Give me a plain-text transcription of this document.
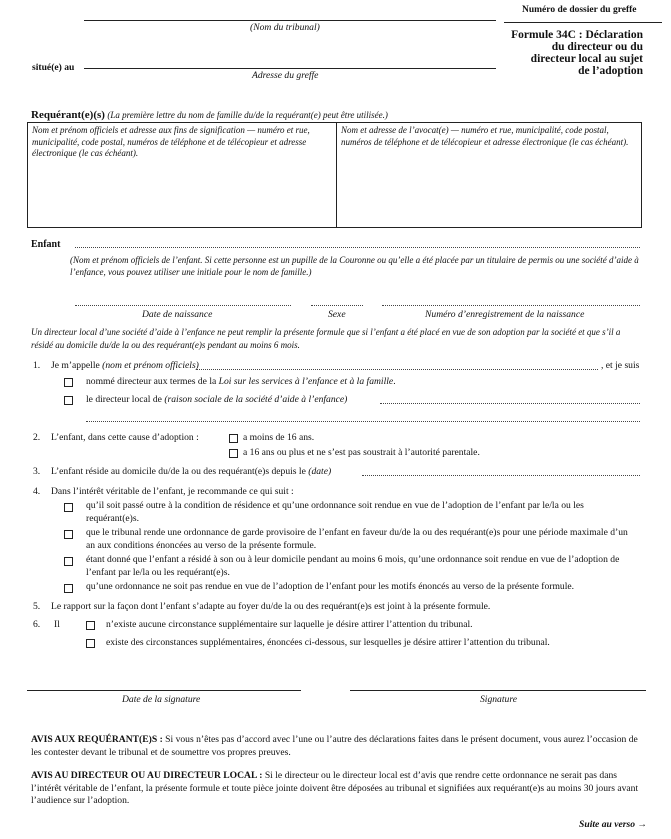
(Nom du tribunal)
Numéro de dossier du greffe
situé(e) au
Adresse du greffe
Formule 34C : Déclaration
du directeur ou du
directeur local au sujet
de l’adoption
Requérant(e)(s) (La première lettre du nom de famille du/de la requérant(e) peut être utilisée.)
Nom et prénom officiels et adresse aux fins de signification — numéro et rue, municipalité, code postal, numéros de téléphone et de télécopieur et adresse électronique (le cas échéant).
Nom et adresse de l’avocat(e) — numéro et rue, municipalité, code postal, numéros de téléphone et de télécopieur et adresse électronique (le cas échéant).
Enfant
(Nom et prénom officiels de l’enfant. Si cette personne est un pupille de la Couronne ou qu’elle a été placée par un titulaire de permis ou une société d’aide à l’enfance, vous pouvez utiliser une initiale pour le nom de famille.)
Date de naissance	Sexe	Numéro d’enregistrement de la naissance
Un directeur local d’une société d’aide à l’enfance ne peut remplir la présente formule que si l’enfant a été placé en vue de son adoption par la société et que s’il a résidé au domicile du/de la ou des requérant(e)s pendant au moins 6 mois.
1.	Je m’appelle (nom et prénom officiels)	, et je suis
nommé directeur aux termes de la Loi sur les services à l’enfance et à la famille.
le directeur local de (raison sociale de la société d’aide à l’enfance)
2.	L’enfant, dans cette cause d’adoption :	a moins de 16 ans.
a 16 ans ou plus et ne s’est pas soustrait à l’autorité parentale.
3.	L’enfant réside au domicile du/de la ou des requérant(e)s depuis le (date)
4.	Dans l’intérêt véritable de l’enfant, je recommande ce qui suit :
qu’il soit passé outre à la condition de résidence et qu’une ordonnance soit rendue en vue de l’adoption de l’enfant par le/la ou les requérant(e)s.
que le tribunal rende une ordonnance de garde provisoire de l’enfant en faveur du/de la ou des requérant(e)s pour une période maximale d’un an aux conditions énoncées au verso de la présente formule.
étant donné que l’enfant a résidé à son ou à leur domicile pendant au moins 6 mois, qu’une ordonnance soit rendue en vue de l’adoption de l’enfant par le/la ou les requérant(e)s.
qu’une ordonnance ne soit pas rendue en vue de l’adoption de l’enfant pour les motifs énoncés au verso de la présente formule.
5.	Le rapport sur la façon dont l’enfant s’adapte au foyer du/de la ou des requérant(e)s est joint à la présente formule.
6.	Il	n’existe aucune circonstance supplémentaire sur laquelle je désire attirer l’attention du tribunal.
existe des circonstances supplémentaires, énoncées ci-dessous, sur lesquelles je désire attirer l’attention du tribunal.
Date de la signature	Signature
AVIS AUX REQUÉRANT(E)S : Si vous n’êtes pas d’accord avec l’une ou l’autre des déclarations faites dans le présent document, vous aurez l’occasion de les contester devant le tribunal et de soumettre vos propres preuves.
AVIS AU DIRECTEUR OU AU DIRECTEUR LOCAL : Si le directeur ou le directeur local est d’avis que rendre cette ordonnance ne serait pas dans l’intérêt véritable de l’enfant, la présente formule et toute pièce jointe doivent être déposées au tribunal et signifiées aux requérant(e)s au moins 30 jours avant l’audience sur l’adoption.
Suite au verso →
